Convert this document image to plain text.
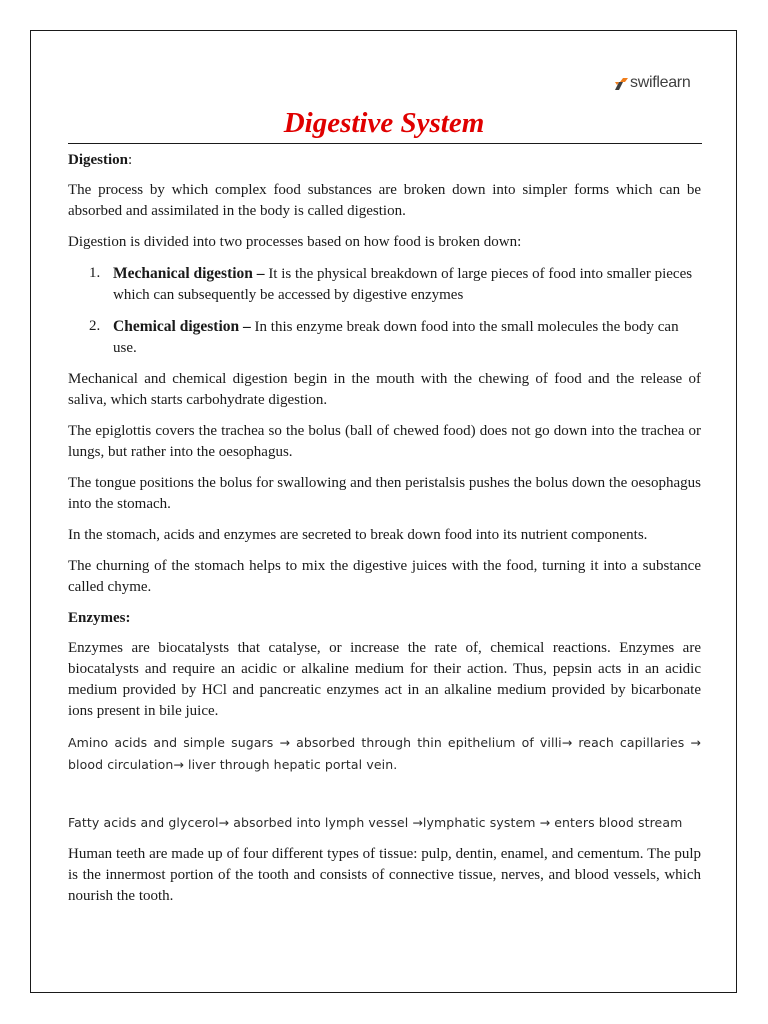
swiflearn
Digestive System

Digestion:

The process by which complex food substances are broken down into simpler forms which can be absorbed and assimilated in the body is called digestion.

Digestion is divided into two processes based on how food is broken down:

1. Mechanical digestion – It is the physical breakdown of large pieces of food into smaller pieces which can subsequently be accessed by digestive enzymes
2. Chemical digestion – In this enzyme break down food into the small molecules the body can use.

Mechanical and chemical digestion begin in the mouth with the chewing of food and the release of saliva, which starts carbohydrate digestion.

The epiglottis covers the trachea so the bolus (ball of chewed food) does not go down into the trachea or lungs, but rather into the oesophagus.

The tongue positions the bolus for swallowing and then peristalsis pushes the bolus down the oesophagus into the stomach.

In the stomach, acids and enzymes are secreted to break down food into its nutrient components.

The churning of the stomach helps to mix the digestive juices with the food, turning it into a substance called chyme.

Enzymes:

Enzymes are biocatalysts that catalyse, or increase the rate of, chemical reactions. Enzymes are biocatalysts and require an acidic or alkaline medium for their action. Thus, pepsin acts in an acidic medium provided by HCl and pancreatic enzymes act in an alkaline medium provided by bicarbonate ions present in bile juice.

Amino acids and simple sugars → absorbed through thin epithelium of villi→ reach capillaries → blood circulation→ liver through hepatic portal vein.

Fatty acids and glycerol→ absorbed into lymph vessel →lymphatic system → enters blood stream

Human teeth are made up of four different types of tissue: pulp, dentin, enamel, and cementum. The pulp is the innermost portion of the tooth and consists of connective tissue, nerves, and blood vessels, which nourish the tooth.
